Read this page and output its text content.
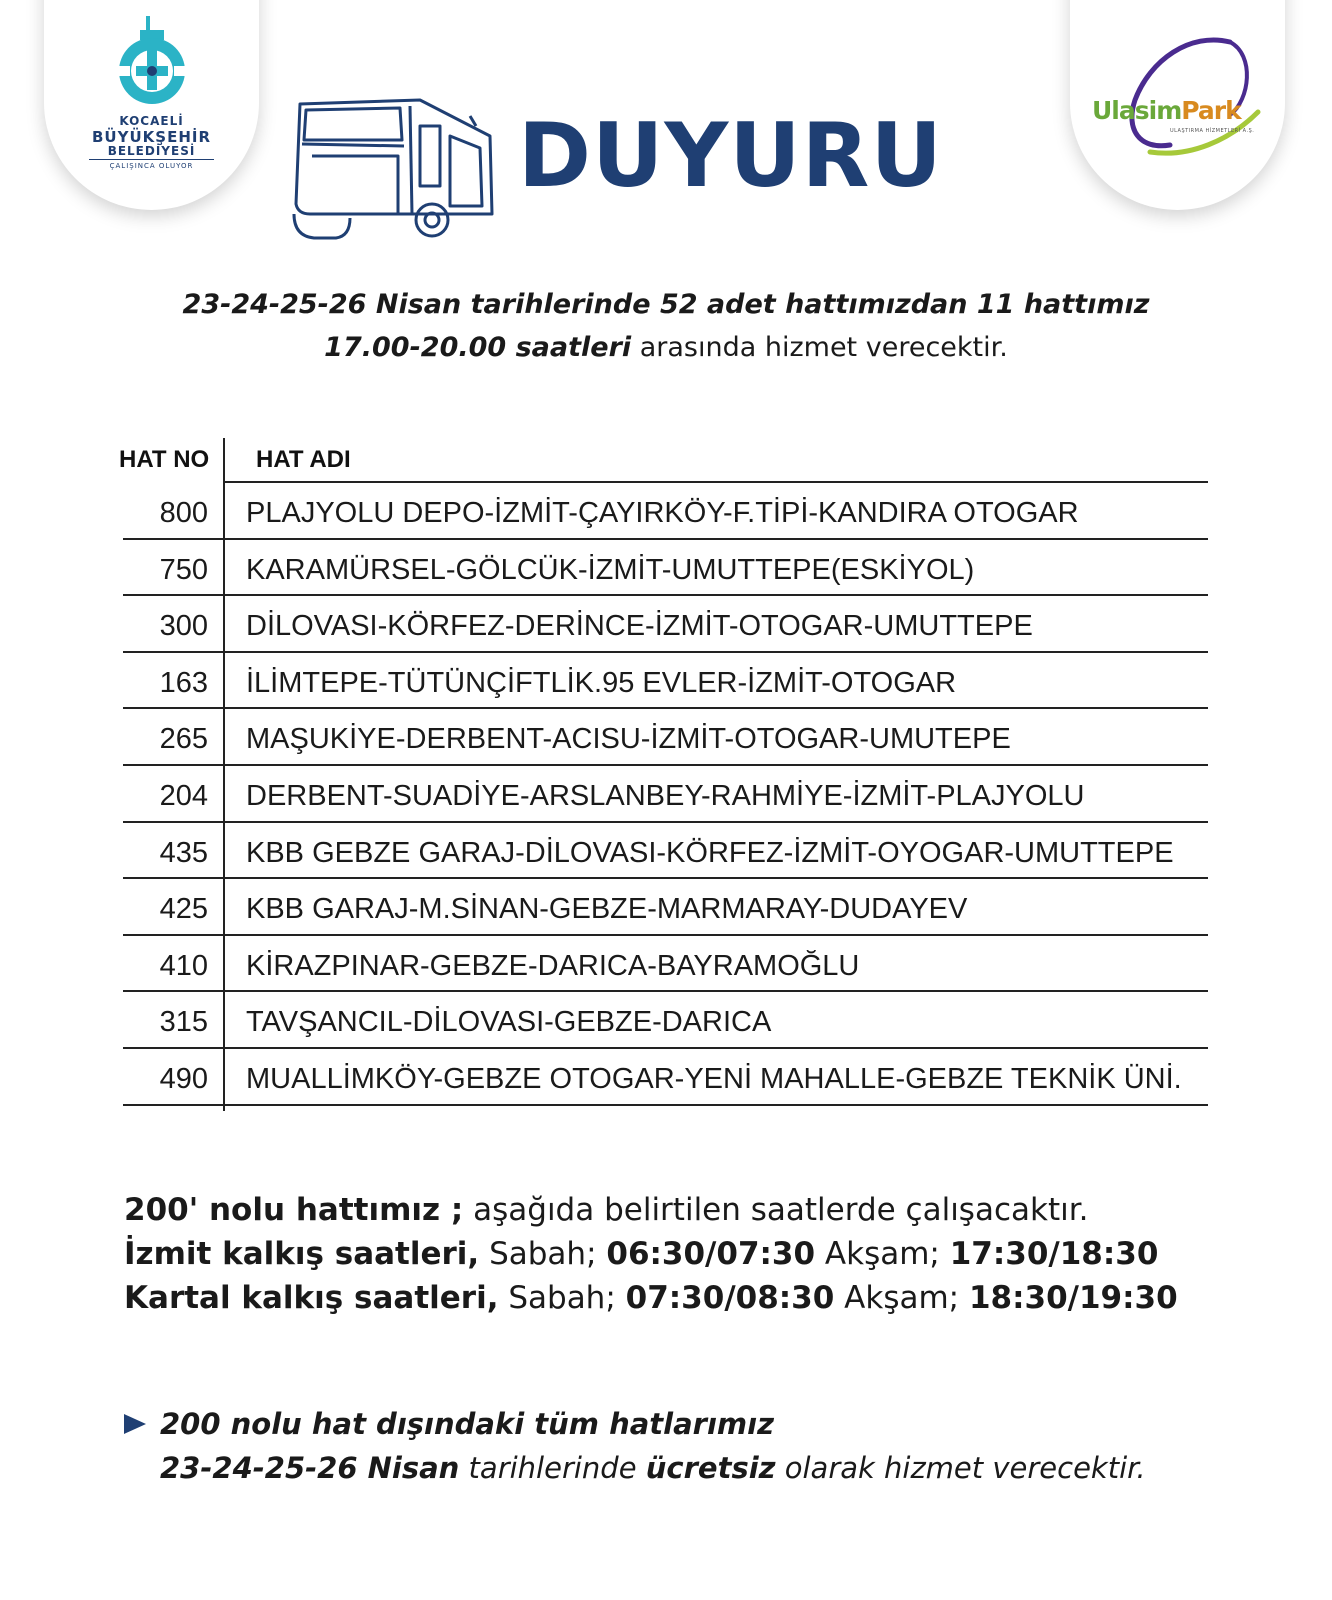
KOCAELİ
BÜYÜKŞEHİR
BELEDİYESİ
ÇALIŞINCA OLUYOR
UlasimPark
ULAŞTIRMA HİZMETLERİ A.Ş.
DUYURU
23-24-25-26 Nisan tarihlerinde 52 adet hattımızdan 11 hattımız
17.00-20.00 saatleri arasında hizmet verecektir.
HAT NO HAT ADI
800 PLAJYOLU DEPO-İZMİT-ÇAYIRKÖY-F.TİPİ-KANDIRA OTOGAR
750 KARAMÜRSEL-GÖLCÜK-İZMİT-UMUTTEPE(ESKİYOL)
300 DİLOVASI-KÖRFEZ-DERİNCE-İZMİT-OTOGAR-UMUTTEPE
163 İLİMTEPE-TÜTÜNÇİFTLİK.95 EVLER-İZMİT-OTOGAR
265 MAŞUKİYE-DERBENT-ACISU-İZMİT-OTOGAR-UMUTEPE
204 DERBENT-SUADİYE-ARSLANBEY-RAHMİYE-İZMİT-PLAJYOLU
435 KBB GEBZE GARAJ-DİLOVASI-KÖRFEZ-İZMİT-OYOGAR-UMUTTEPE
425 KBB GARAJ-M.SİNAN-GEBZE-MARMARAY-DUDAYEV
410 KİRAZPINAR-GEBZE-DARICA-BAYRAMOĞLU
315 TAVŞANCIL-DİLOVASI-GEBZE-DARICA
490 MUALLİMKÖY-GEBZE OTOGAR-YENİ MAHALLE-GEBZE TEKNİK ÜNİ.
200' nolu hattımız ; aşağıda belirtilen saatlerde çalışacaktır.
İzmit kalkış saatleri, Sabah; 06:30/07:30 Akşam; 17:30/18:30
Kartal kalkış saatleri, Sabah; 07:30/08:30 Akşam; 18:30/19:30
200 nolu hat dışındaki tüm hatlarımız
23-24-25-26 Nisan tarihlerinde ücretsiz olarak hizmet verecektir.
